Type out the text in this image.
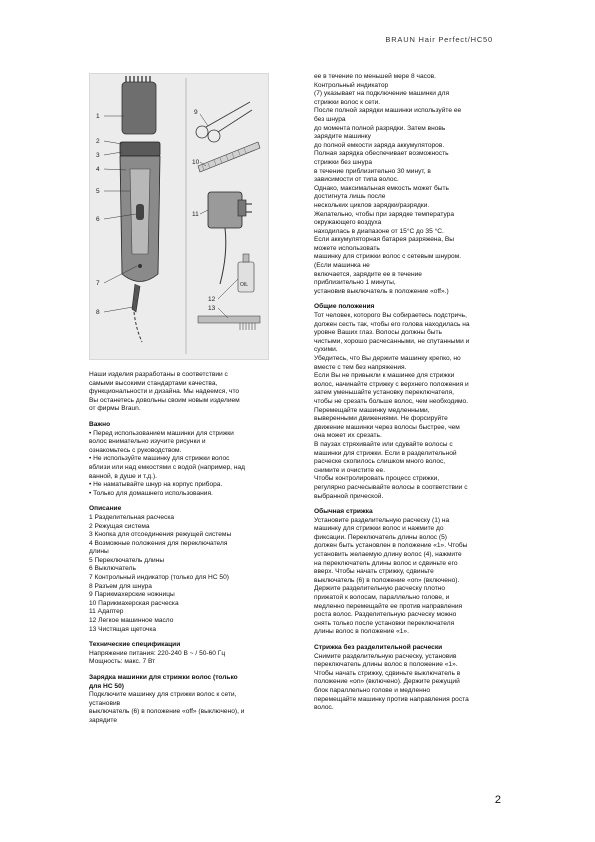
BRAUN Hair Perfect/HC50
1
2
3
4
5
6
7
8
OIL
9
10
11
12
13
Наши изделия разработаны в соответствии с
самыми высокими стандартами качества,
функциональности и дизайна. Мы надеемся, что
Вы останетесь довольны своим новым изделием
от фирмы Braun.
Важно
• Перед использованием машинки для стрижки
волос внимательно изучите рисунки и
ознакомьтесь с руководством.
• Не используйте машинку для стрижки волос
вблизи или над емкостями с водой (например, над
ванной, в душе и т.д.).
• Не наматывайте шнур на корпус прибора.
• Только для домашнего использования.
Описание
1 Разделительная расческа
2 Режущая система
3 Кнопка для отсоединения режущей системы
4 Возможные положения для переключателя
длины
5 Переключатель длины
6 Выключатель
7 Контрольный индикатор (только для HC 50)
8 Разъем для шнура
9 Парикмахерские ножницы
10 Парикмахерская расческа
11 Адаптер
12 Легкое машинное масло
13 Чистящая щеточка
Технические спецификации
Напряжение питания: 220-240 В ~ / 50-60 Гц
Мощность: макс. 7 Вт
Зарядка машинки для стрижки волос (только
для HC 50)
Подключите машинку для стрижки волос к сети,
установив
выключатель (6) в положение «off» (выключено), и
зарядите
ее в течение по меньшей мере 8 часов.
Контрольный индикатор
(7) указывает на подключение машинки для
стрижки волос к сети.
После полной зарядки машинки используйте ее
без шнура
до момента полной разрядки. Затем вновь
зарядите машинку
до полной емкости заряда аккумуляторов.
Полная зарядка обеспечивает возможность
стрижки без шнура
в течение приблизительно 30 минут, в
зависимости от типа волос.
Однако, максимальная емкость может быть
достигнута лишь после
нескольких циклов зарядки/разрядки.
Желательно, чтобы при зарядке температура
окружающего воздуха
находилась в диапазоне от 15°C до 35 °C.
Если аккумуляторная батарея разряжена, Вы
можете использовать
машинку для стрижки волос с сетевым шнуром.
(Если машинка не
включается, зарядите ее в течение
приблизительно 1 минуты,
установив выключатель в положение «off».)
Общие положения
Тот человек, которого Вы собираетесь подстричь,
должен сесть так, чтобы его голова находилась на
уровне Ваших глаз. Волосы должны быть
чистыми, хорошо расчесанными, не спутанными и
сухими.
Убедитесь, что Вы держите машинку крепко, но
вместе с тем без напряжения.
Если Вы не привыкли к машинке для стрижки
волос, начинайте стрижку с верхнего положения и
затем уменьшайте установку переключателя,
чтобы не срезать больше волос, чем необходимо.
Перемещайте машинку медленными,
выверенными движениями. Не форсируйте
движение машинки через волосы быстрее, чем
она может их срезать.
В паузах стряхивайте или сдувайте волосы с
машинки для стрижки. Если в разделительной
расческе скопилось слишком много волос,
снимите и очистите ее.
Чтобы контролировать процесс стрижки,
регулярно расчесывайте волосы в соответствии с
выбранной прической.
Обычная стрижка
Установите разделительную расческу (1) на
машинку для стрижки волос и нажмите до
фиксации. Переключатель длины волос (5)
должен быть установлен в положение «1». Чтобы
установить желаемую длину волос (4), нажмите
на переключатель длины волос и сдвиньте его
вверх. Чтобы начать стрижку, сдвиньте
выключатель (6) в положение «on» (включено).
Держите разделительную расческу плотно
прижатой к волосам, параллельно голове, и
медленно перемещайте ее против направления
роста волос. Разделительную расческу можно
снять только после установки переключателя
длины волос в положение «1».
Стрижка без разделительной расчески
Снимите разделительную расческу, установив
переключатель длины волос в положение «1».
Чтобы начать стрижку, сдвиньте выключатель в
положение «on» (включено). Держите режущий
блок параллельно голове и медленно
перемещайте машинку против направления роста
волос.
2
